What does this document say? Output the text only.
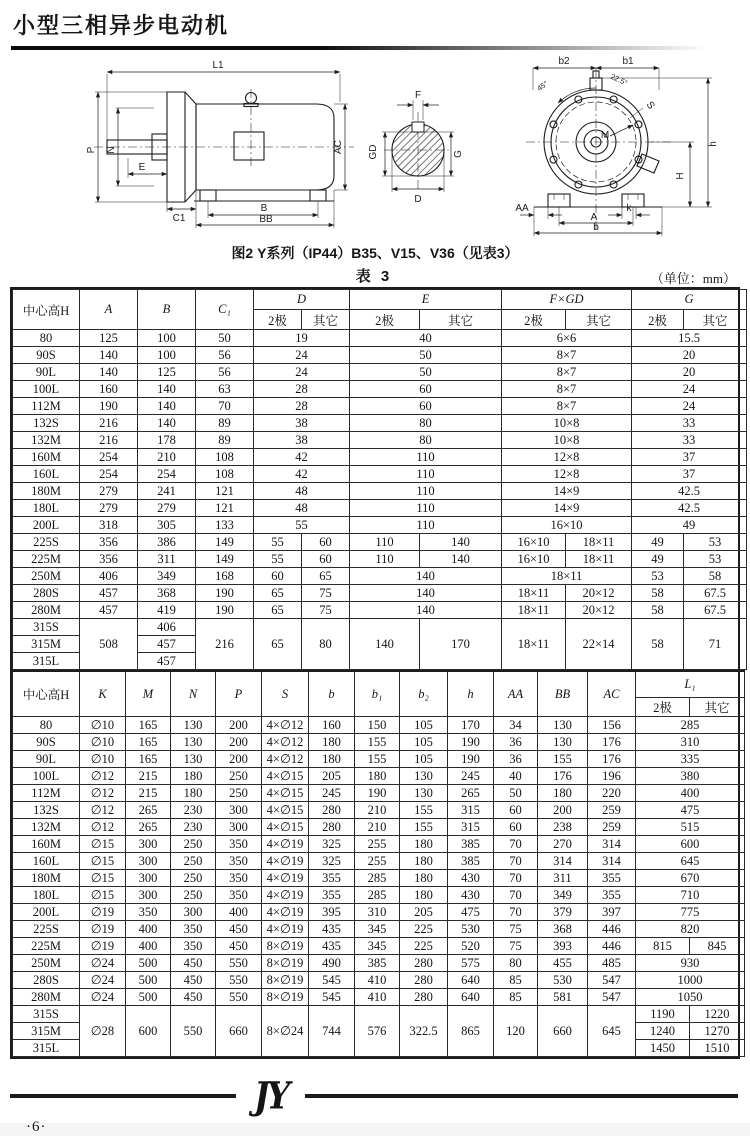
小型三相异步电动机
L1
P N
E
AC
C1
B
BB
F
GD	G
D
b2	b1
45°	22.5°
S
M
h
H
AA	k
A
b
图2 Y系列（IP44）B35、V15、V36（见表3）
表 3	（单位：mm）
中心高H	A	B	C₁	D		E		F×GD		G	
				2极	其它	2极	其它	2极	其它	2极	其它
80	125	100	50	19		40		6×6		15.5	
90S	140	100	56	24		50		8×7		20	
90L	140	125	56	24		50		8×7		20	
100L	160	140	63	28		60		8×7		24	
112M	190	140	70	28		60		8×7		24	
132S	216	140	89	38		80		10×8		33	
132M	216	178	89	38		80		10×8		33	
160M	254	210	108	42		110		12×8		37	
160L	254	254	108	42		110		12×8		37	
180M	279	241	121	48		110		14×9		42.5	
180L	279	279	121	48		110		14×9		42.5	
200L	318	305	133	55		110		16×10		49	
225S	356	386	149	55	60	110	140	16×10	18×11	49	53
225M	356	311	149	55	60	110	140	16×10	18×11	49	53
250M	406	349	168	60	65	140		18×11		53	58
280S	457	368	190	65	75	140		18×11	20×12	58	67.5
280M	457	419	190	65	75	140		18×11	20×12	58	67.5
315S	508	406	216	65	80	140	170	18×11	22×14	58	71
315M		457									
315L		457									
中心高H	K	M	N	P	S	b	b₁	b₂	h	AA	BB	AC	L₁	
													2极	其它
80	∅10	165	130	200	4×∅12	160	150	105	170	34	130	156	285	
90S	∅10	165	130	200	4×∅12	180	155	105	190	36	130	176	310	
90L	∅10	165	130	200	4×∅12	180	155	105	190	36	155	176	335	
100L	∅12	215	180	250	4×∅15	205	180	130	245	40	176	196	380	
112M	∅12	215	180	250	4×∅15	245	190	130	265	50	180	220	400	
132S	∅12	265	230	300	4×∅15	280	210	155	315	60	200	259	475	
132M	∅12	265	230	300	4×∅15	280	210	155	315	60	238	259	515	
160M	∅15	300	250	350	4×∅19	325	255	180	385	70	270	314	600	
160L	∅15	300	250	350	4×∅19	325	255	180	385	70	314	314	645	
180M	∅15	300	250	350	4×∅19	355	285	180	430	70	311	355	670	
180L	∅15	300	250	350	4×∅19	355	285	180	430	70	349	355	710	
200L	∅19	350	300	400	4×∅19	395	310	205	475	70	379	397	775	
225S	∅19	400	350	450	4×∅19	435	345	225	530	75	368	446	820	
225M	∅19	400	350	450	8×∅19	435	345	225	520	75	393	446	815	845
250M	∅24	500	450	550	8×∅19	490	385	280	575	80	455	485	930	
280S	∅24	500	450	550	8×∅19	545	410	280	640	85	530	547	1000	
280M	∅24	500	450	550	8×∅19	545	410	280	640	85	581	547	1050	
315S	∅28	600	550	660	8×∅24	744	576	322.5	865	120	660	645	1190	1220
315M													1240	1270
315L													1450	1510
JY
·6·
